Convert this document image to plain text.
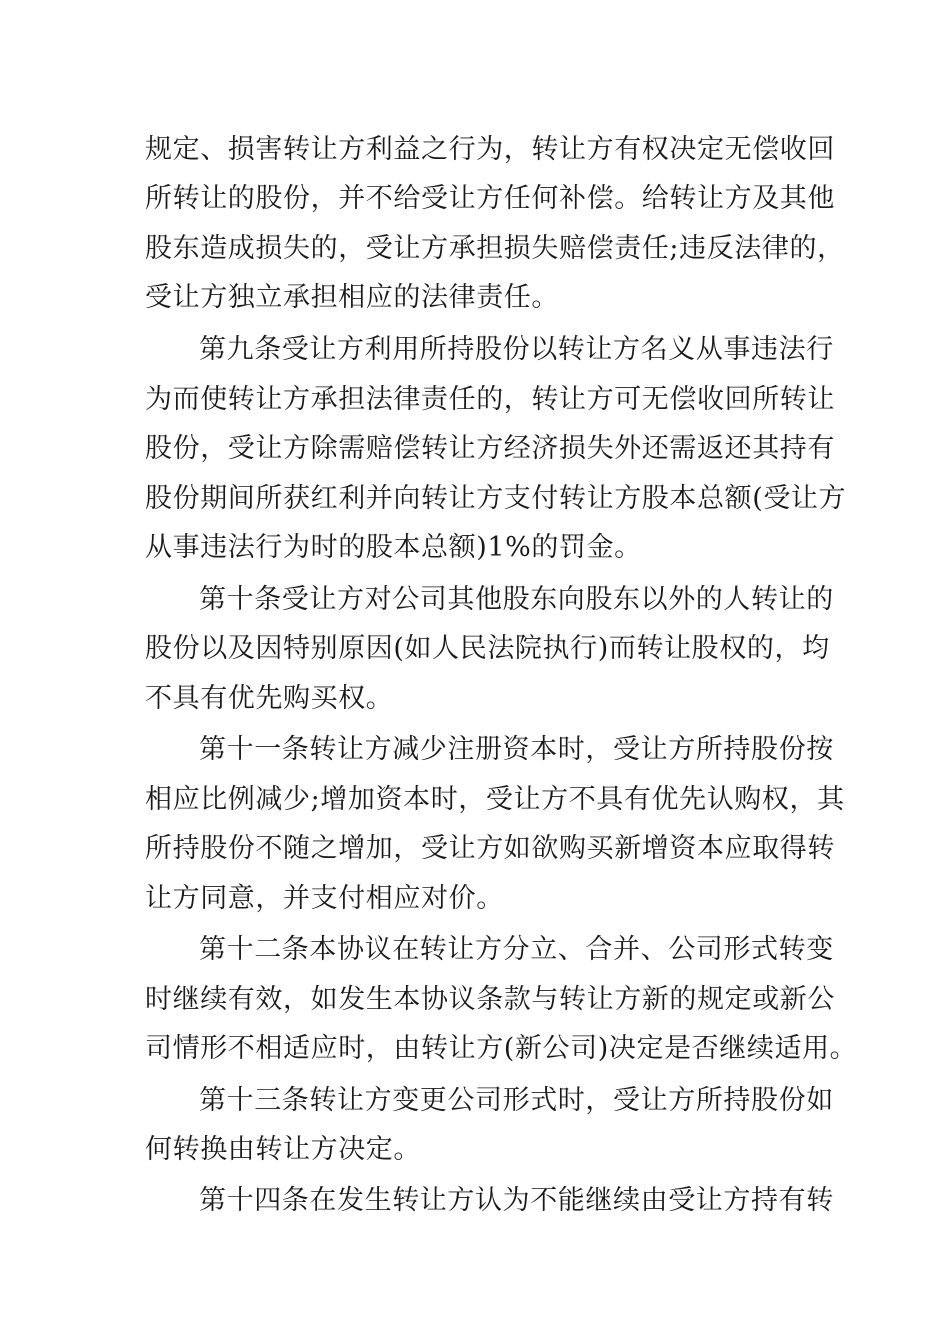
规定、损害转让方利益之行为，转让方有权决定无偿收回
所转让的股份，并不给受让方任何补偿。给转让方及其他
股东造成损失的，受让方承担损失赔偿责任;违反法律的，
受让方独立承担相应的法律责任。
第九条受让方利用所持股份以转让方名义从事违法行
为而使转让方承担法律责任的，转让方可无偿收回所转让
股份，受让方除需赔偿转让方经济损失外还需返还其持有
股份期间所获红利并向转让方支付转让方股本总额(受让方
从事违法行为时的股本总额)1%的罚金。
第十条受让方对公司其他股东向股东以外的人转让的
股份以及因特别原因(如人民法院执行)而转让股权的，均
不具有优先购买权。
第十一条转让方减少注册资本时，受让方所持股份按
相应比例减少;增加资本时，受让方不具有优先认购权，其
所持股份不随之增加，受让方如欲购买新增资本应取得转
让方同意，并支付相应对价。
第十二条本协议在转让方分立、合并、公司形式转变
时继续有效，如发生本协议条款与转让方新的规定或新公
司情形不相适应时，由转让方(新公司)决定是否继续适用。
第十三条转让方变更公司形式时，受让方所持股份如
何转换由转让方决定。
第十四条在发生转让方认为不能继续由受让方持有转
